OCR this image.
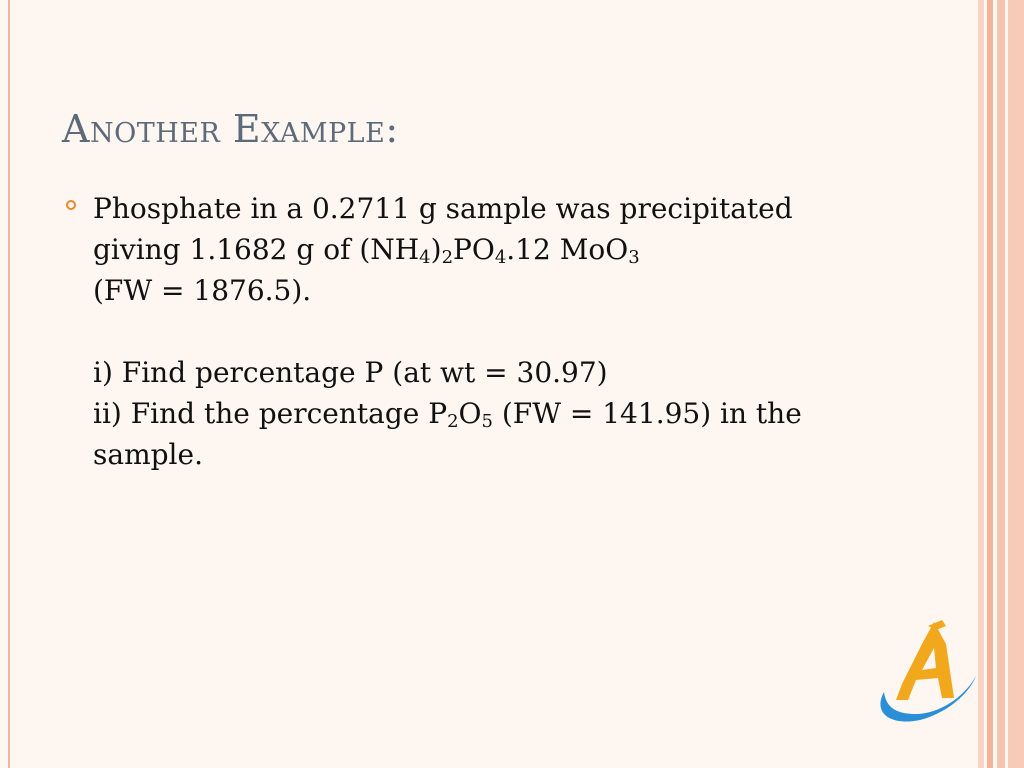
Another Example:

Phosphate in a 0.2711 g sample was precipitated

giving 1.1682 g of $(NH_4)_2PO_4.12$ MoO$_3$

(FW = 1876.5).

i) Find percentage P (at wt = 30.97)

ii) Find the percentage $P_2O_5$ (FW = 141.95) in the

sample.
